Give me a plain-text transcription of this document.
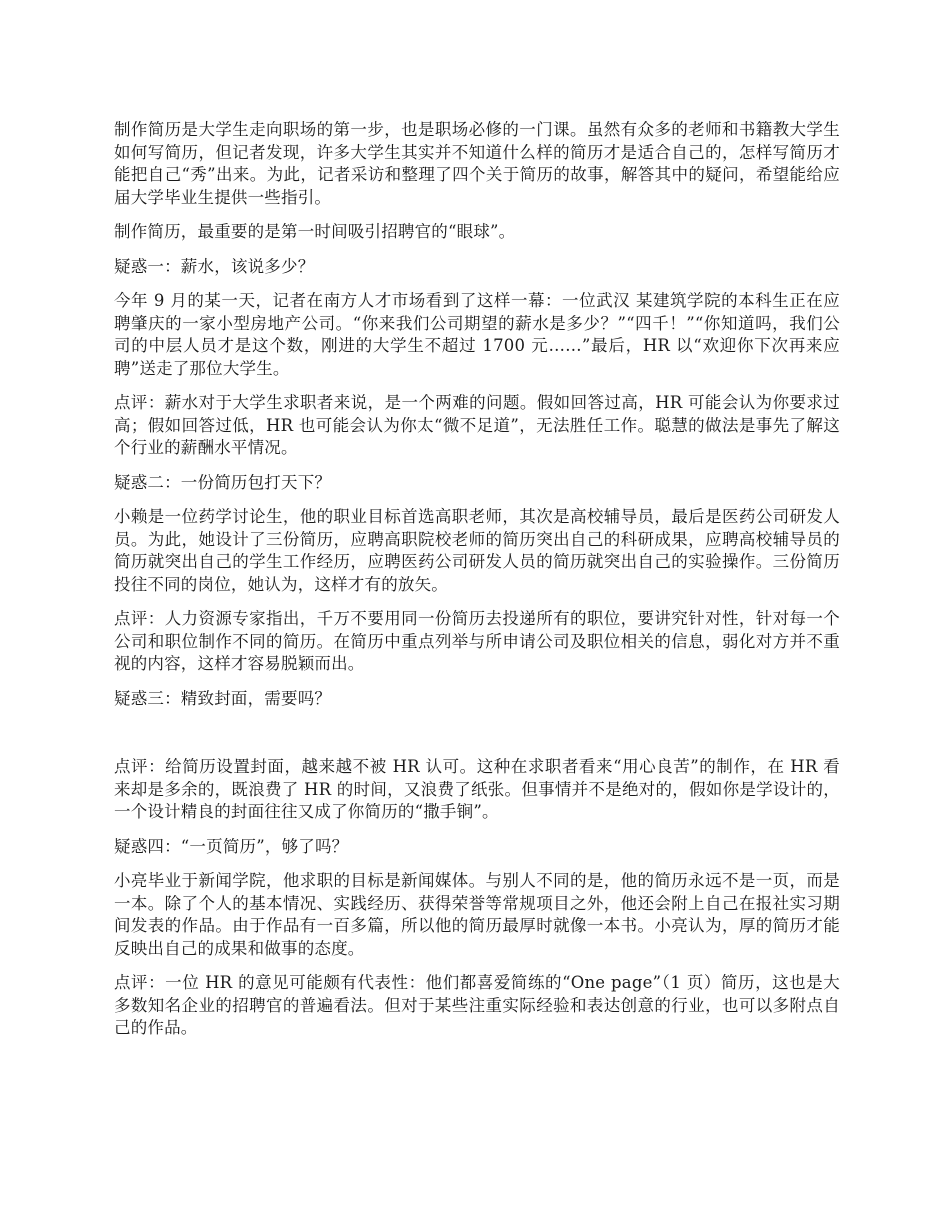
制作简历是大学生走向职场的第一步，也是职场必修的一门课。虽然有众多的老师和书籍教大学生如何写简历，但记者发现，许多大学生其实并不知道什么样的简历才是适合自己的，怎样写简历才能把自己“秀”出来。为此，记者采访和整理了四个关于简历的故事，解答其中的疑问，希望能给应届大学毕业生提供一些指引。

制作简历，最重要的是第一时间吸引招聘官的“眼球”。

疑惑一：薪水，该说多少？

今年 9 月的某一天，记者在南方人才市场看到了这样一幕：一位武汉 某建筑学院的本科生正在应聘肇庆的一家小型房地产公司。“你来我们公司期望的薪水是多少？”“四千！”“你知道吗，我们公司的中层人员才是这个数，刚进的大学生不超过 1700 元……”最后，HR 以“欢迎你下次再来应聘”送走了那位大学生。

点评：薪水对于大学生求职者来说，是一个两难的问题。假如回答过高，HR 可能会认为你要求过高；假如回答过低，HR 也可能会认为你太“微不足道”，无法胜任工作。聪慧的做法是事先了解这个行业的薪酬水平情况。

疑惑二：一份简历包打天下？

小赖是一位药学讨论生，他的职业目标首选高职老师，其次是高校辅导员，最后是医药公司研发人员。为此，她设计了三份简历，应聘高职院校老师的简历突出自己的科研成果，应聘高校辅导员的简历就突出自己的学生工作经历，应聘医药公司研发人员的简历就突出自己的实验操作。三份简历投往不同的岗位，她认为，这样才有的放矢。

点评：人力资源专家指出，千万不要用同一份简历去投递所有的职位，要讲究针对性，针对每一个公司和职位制作不同的简历。在简历中重点列举与所申请公司及职位相关的信息，弱化对方并不重视的内容，这样才容易脱颖而出。

疑惑三：精致封面，需要吗？

点评：给简历设置封面，越来越不被 HR 认可。这种在求职者看来“用心良苦”的制作，在 HR 看来却是多余的，既浪费了 HR 的时间，又浪费了纸张。但事情并不是绝对的，假如你是学设计的，一个设计精良的封面往往又成了你简历的“撒手锏”。

疑惑四：“一页简历”，够了吗？

小亮毕业于新闻学院，他求职的目标是新闻媒体。与别人不同的是，他的简历永远不是一页，而是一本。除了个人的基本情况、实践经历、获得荣誉等常规项目之外，他还会附上自己在报社实习期间发表的作品。由于作品有一百多篇，所以他的简历最厚时就像一本书。小亮认为，厚的简历才能反映出自己的成果和做事的态度。

点评：一位 HR 的意见可能颇有代表性：他们都喜爱简练的“One page”（1 页）简历，这也是大多数知名企业的招聘官的普遍看法。但对于某些注重实际经验和表达创意的行业，也可以多附点自己的作品。
